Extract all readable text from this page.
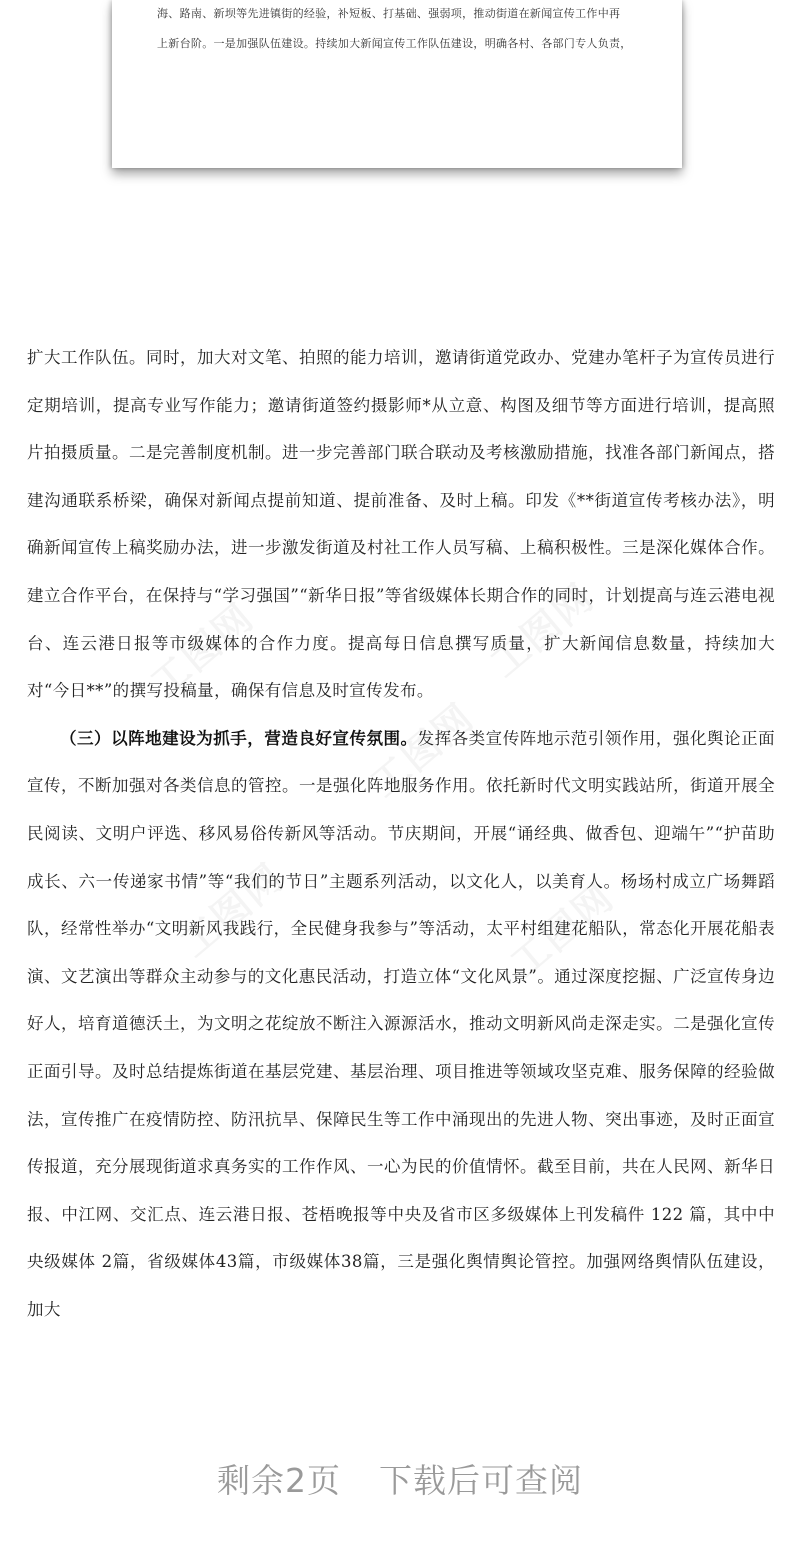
海、路南、新坝等先进镇街的经验，补短板、打基础、强弱项，推动街道在新闻宣传工作中再
上新台阶。一是加强队伍建设。持续加大新闻宣传工作队伍建设，明确各村、各部门专人负责，

扩大工作队伍。同时，加大对文笔、拍照的能力培训，邀请街道党政办、党建办笔杆子为宣传员进行定期培训，提高专业写作能力；邀请街道签约摄影师*从立意、构图及细节等方面进行培训，提高照片拍摄质量。二是完善制度机制。进一步完善部门联合联动及考核激励措施，找准各部门新闻点，搭建沟通联系桥梁，确保对新闻点提前知道、提前准备、及时上稿。印发《**街道宣传考核办法》，明确新闻宣传上稿奖励办法，进一步激发街道及村社工作人员写稿、上稿积极性。三是深化媒体合作。建立合作平台，在保持与“学习强国”“新华日报”等省级媒体长期合作的同时，计划提高与连云港电视台、连云港日报等市级媒体的合作力度。提高每日信息撰写质量，扩大新闻信息数量，持续加大对“今日**”的撰写投稿量，确保有信息及时宣传发布。

（三）以阵地建设为抓手，营造良好宣传氛围。发挥各类宣传阵地示范引领作用，强化舆论正面宣传，不断加强对各类信息的管控。一是强化阵地服务作用。依托新时代文明实践站所，街道开展全民阅读、文明户评选、移风易俗传新风等活动。节庆期间，开展“诵经典、做香包、迎端午”“护苗助成长、六一传递家书情”等“我们的节日”主题系列活动，以文化人，以美育人。杨场村成立广场舞蹈队，经常性举办“文明新风我践行，全民健身我参与”等活动，太平村组建花船队，常态化开展花船表演、文艺演出等群众主动参与的文化惠民活动，打造立体“文化风景”。通过深度挖掘、广泛宣传身边好人，培育道德沃土，为文明之花绽放不断注入源源活水，推动文明新风尚走深走实。二是强化宣传正面引导。及时总结提炼街道在基层党建、基层治理、项目推进等领域攻坚克难、服务保障的经验做法，宣传推广在疫情防控、防汛抗旱、保障民生等工作中涌现出的先进人物、突出事迹，及时正面宣传报道，充分展现街道求真务实的工作作风、一心为民的价值情怀。截至目前，共在人民网、新华日报、中江网、交汇点、连云港日报、苍梧晚报等中央及省市区多级媒体上刊发稿件 122 篇，其中中央级媒体 2篇，省级媒体43篇，市级媒体38篇，三是强化舆情舆论管控。加强网络舆情队伍建设，加大

剩余2页 下载后可查阅
